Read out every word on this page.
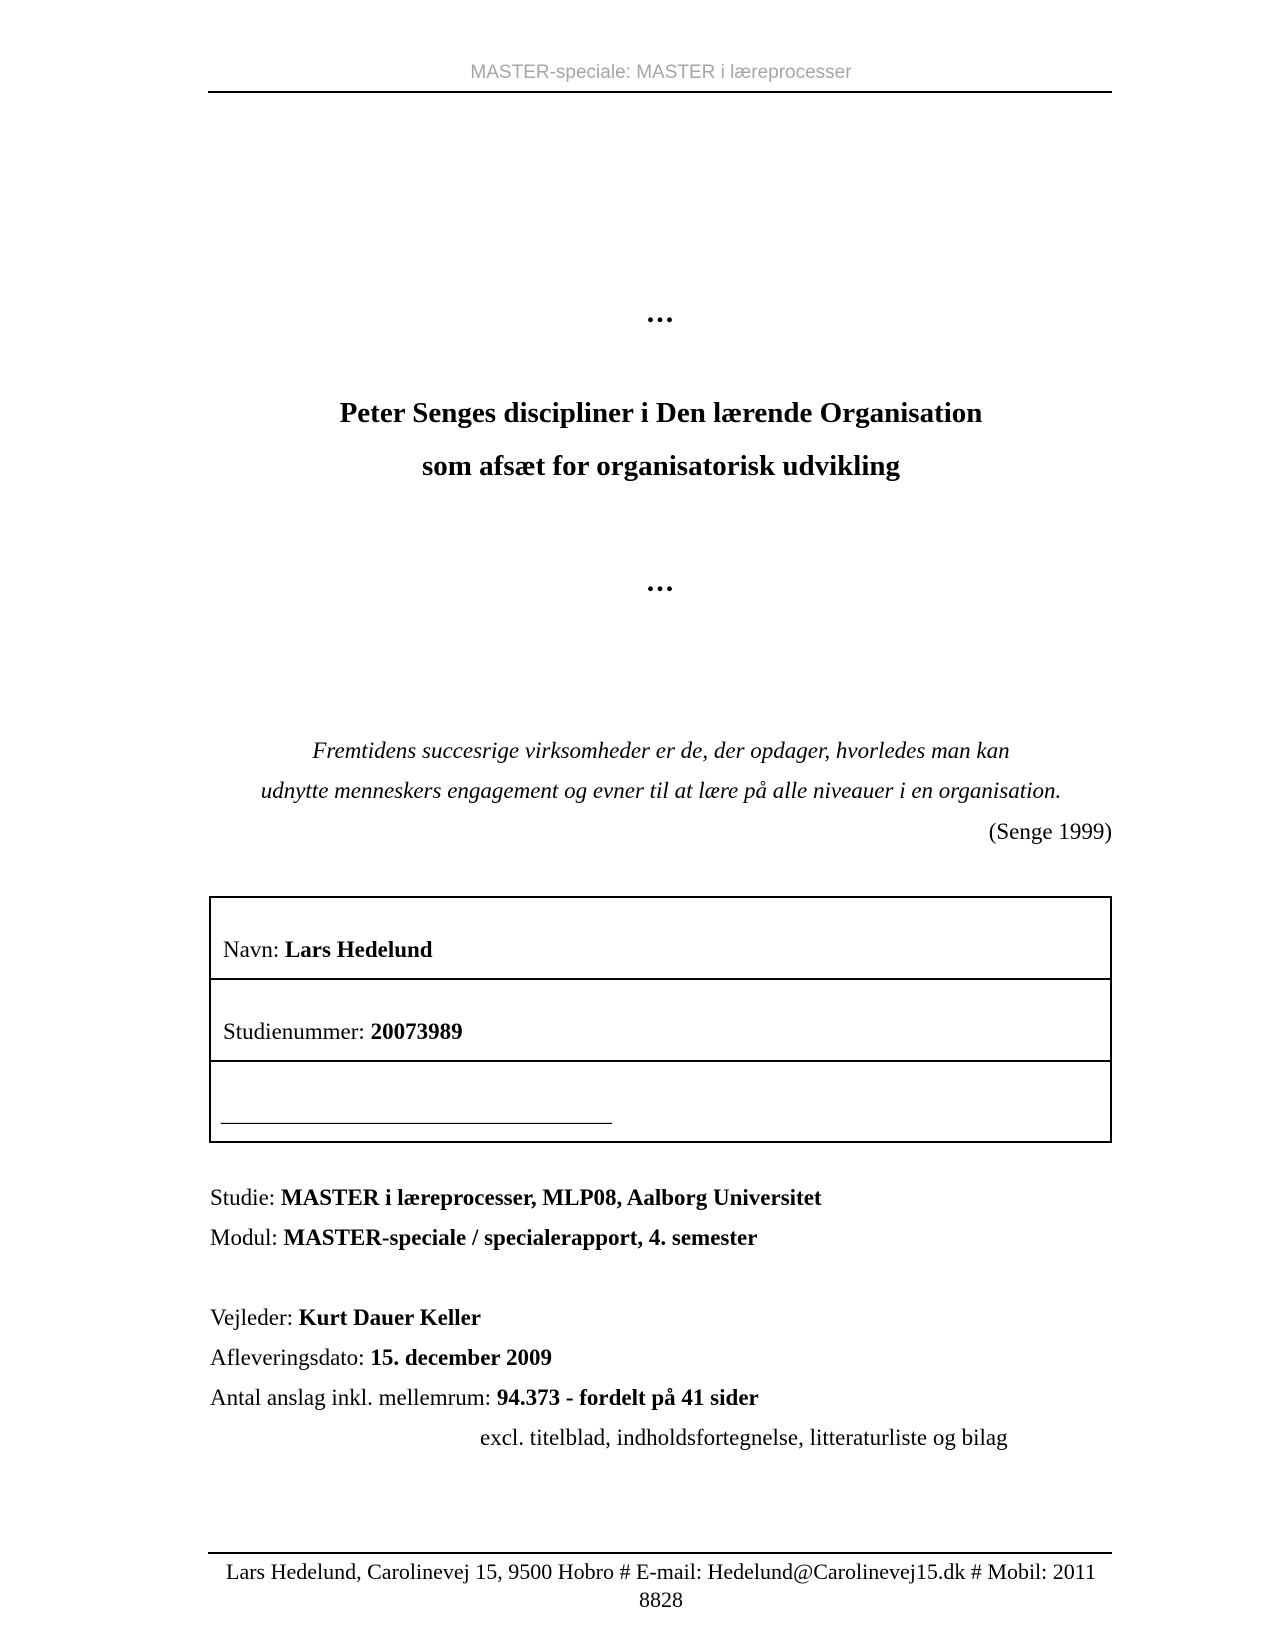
MASTER-speciale: MASTER i læreprocesser
...
Peter Senges discipliner i Den lærende Organisation
som afsæt for organisatorisk udvikling
...
Fremtidens succesrige virksomheder er de, der opdager, hvorledes man kan
udnytte menneskers engagement og evner til at lære på alle niveauer i en organisation.
(Senge 1999)
Navn: Lars Hedelund
Studienummer: 20073989
__________________________________
Studie: MASTER i læreprocesser, MLP08, Aalborg Universitet
Modul: MASTER-speciale / specialerapport, 4. semester
Vejleder: Kurt Dauer Keller
Afleveringsdato: 15. december 2009
Antal anslag inkl. mellemrum: 94.373 - fordelt på 41 sider
excl. titelblad, indholdsfortegnelse, litteraturliste og bilag
Lars Hedelund, Carolinevej 15, 9500 Hobro # E-mail: Hedelund@Carolinevej15.dk # Mobil: 2011 8828
